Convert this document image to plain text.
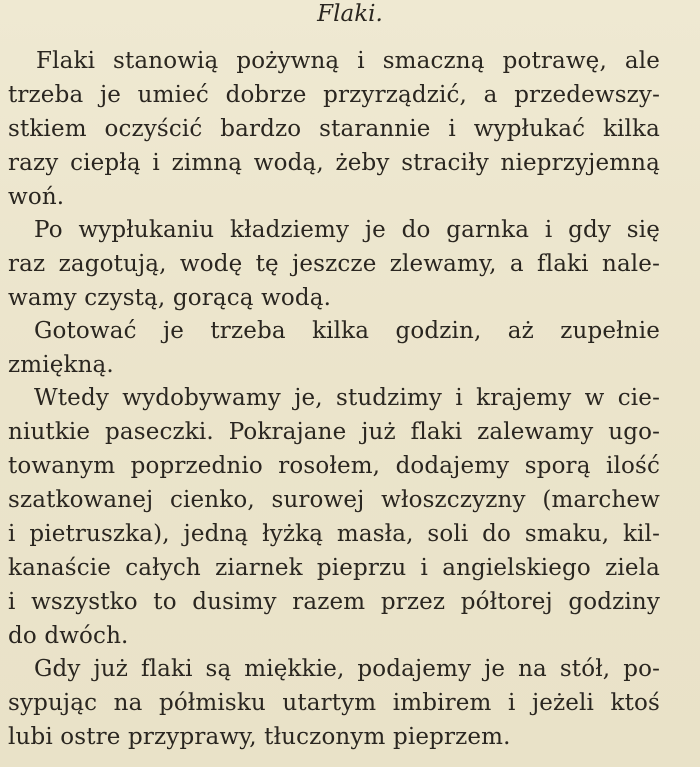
Flaki.
Flaki stanowią pożywną i smaczną potrawę, ale
trzeba je umieć dobrze przyrządzić, a przedewszy-
stkiem oczyścić bardzo starannie i wypłukać kilka
razy ciepłą i zimną wodą, żeby straciły nieprzyjemną
woń.
Po wypłukaniu kładziemy je do garnka i gdy się
raz zagotują, wodę tę jeszcze zlewamy, a flaki nale-
wamy czystą, gorącą wodą.
Gotować je trzeba kilka godzin, aż zupełnie
zmiękną.
Wtedy wydobywamy je, studzimy i krajemy w cie-
niutkie paseczki. Pokrajane już flaki zalewamy ugo-
towanym poprzednio rosołem, dodajemy sporą ilość
szatkowanej cienko, surowej włoszczyzny (marchew
i pietruszka), jedną łyżką masła, soli do smaku, kil-
kanaście całych ziarnek pieprzu i angielskiego ziela
i wszystko to dusimy razem przez półtorej godziny
do dwóch.
Gdy już flaki są miękkie, podajemy je na stół, po-
sypując na półmisku utartym imbirem i jeżeli ktoś
lubi ostre przyprawy, tłuczonym pieprzem.
